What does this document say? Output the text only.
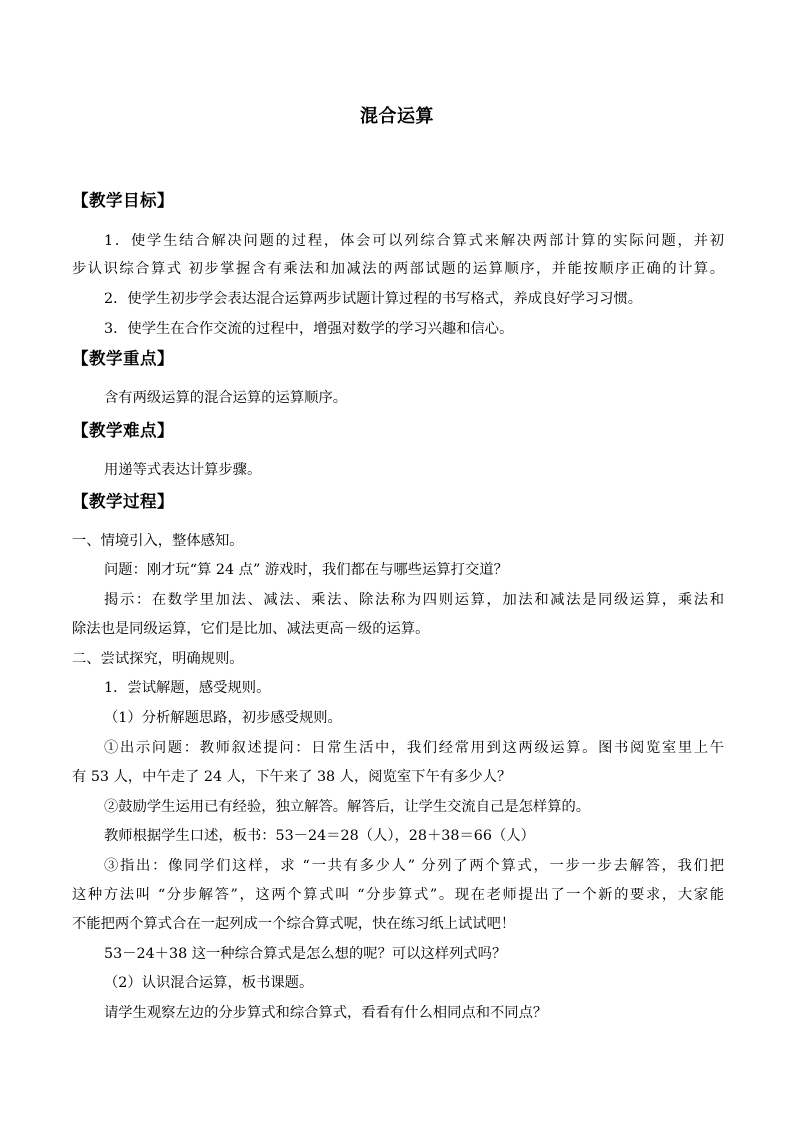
混合运算
【教学目标】
1．使学生结合解决问题的过程，体会可以列综合算式来解决两部计算的实际问题，并初
步认识综合算式 初步掌握含有乘法和加减法的两部试题的运算顺序，并能按顺序正确的计算。
2．使学生初步学会表达混合运算两步试题计算过程的书写格式，养成良好学习习惯。
3．使学生在合作交流的过程中，增强对数学的学习兴趣和信心。
【教学重点】
含有两级运算的混合运算的运算顺序。
【教学难点】
用递等式表达计算步骤。
【教学过程】
一、情境引入，整体感知。
问题：刚才玩“算 24 点” 游戏时，我们都在与哪些运算打交道？
揭示：在数学里加法、减法、乘法、除法称为四则运算，加法和减法是同级运算，乘法和
除法也是同级运算，它们是比加、减法更高－级的运算。
二、尝试探究，明确规则。
1．尝试解题，感受规则。
（1）分析解题思路，初步感受规则。
①出示问题：教师叙述提问：日常生活中，我们经常用到这两级运算。图书阅览室里上午
有 53 人，中午走了 24 人，下午来了 38 人，阅览室下午有多少人？
②鼓励学生运用已有经验，独立解答。解答后，让学生交流自己是怎样算的。
教师根据学生口述，板书：53－24＝28（人），28＋38＝66（人）
③指出：像同学们这样，求 “一共有多少人” 分列了两个算式，一步一步去解答，我们把
这种方法叫 “分步解答”，这两个算式叫 “分步算式”。现在老师提出了一个新的要求，大家能
不能把两个算式合在一起列成一个综合算式呢，快在练习纸上试试吧！
53－24＋38 这一种综合算式是怎么想的呢？可以这样列式吗？
（2）认识混合运算，板书课题。
请学生观察左边的分步算式和综合算式，看看有什么相同点和不同点？
